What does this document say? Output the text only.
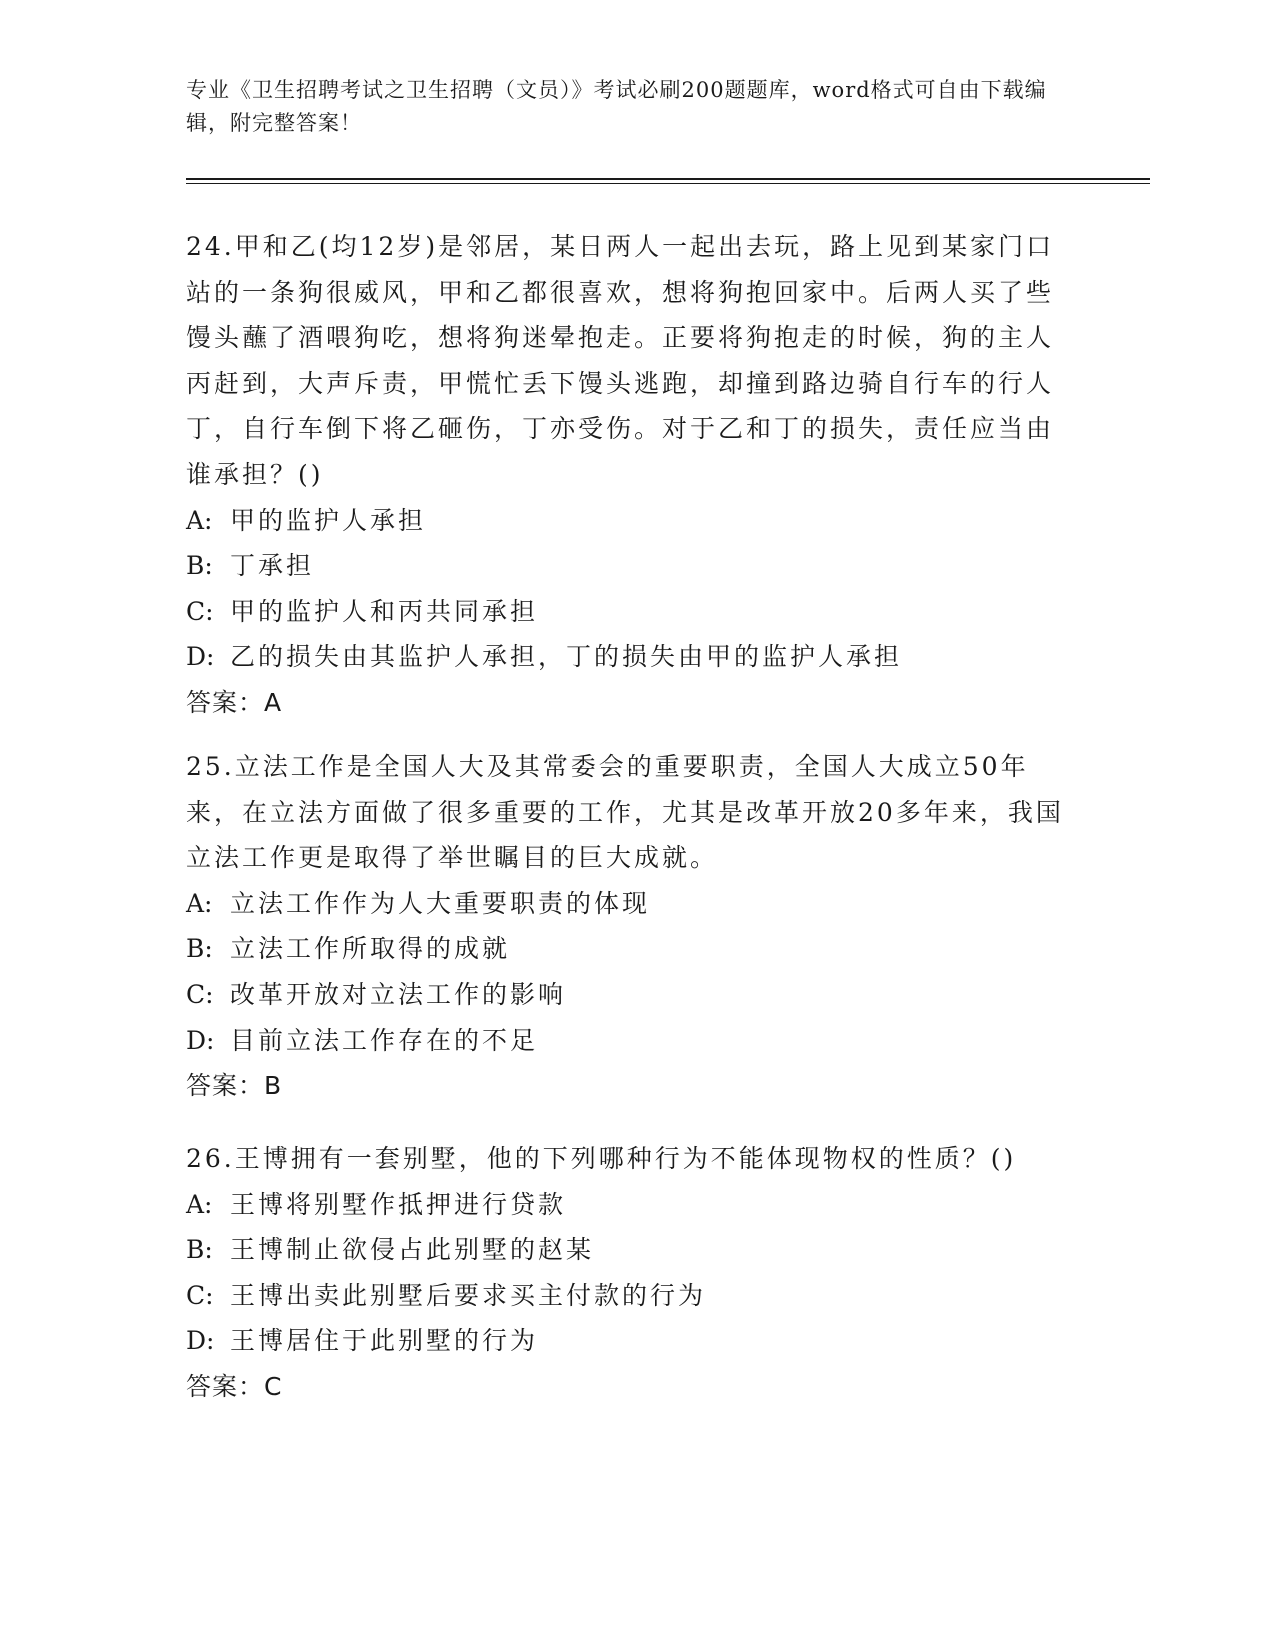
专业《卫生招聘考试之卫生招聘（文员）》考试必刷200题题库，word格式可自由下载编辑，附完整答案！

24.甲和乙(均12岁)是邻居，某日两人一起出去玩，路上见到某家门口站的一条狗很威风，甲和乙都很喜欢，想将狗抱回家中。后两人买了些馒头蘸了酒喂狗吃，想将狗迷晕抱走。正要将狗抱走的时候，狗的主人丙赶到，大声斥责，甲慌忙丢下馒头逃跑，却撞到路边骑自行车的行人丁，自行车倒下将乙砸伤，丁亦受伤。对于乙和丁的损失，责任应当由谁承担？()

A: 甲的监护人承担

B: 丁承担

C: 甲的监护人和丙共同承担

D: 乙的损失由其监护人承担，丁的损失由甲的监护人承担

答案：A

25.立法工作是全国人大及其常委会的重要职责，全国人大成立50年来，在立法方面做了很多重要的工作，尤其是改革开放20多年来，我国立法工作更是取得了举世瞩目的巨大成就。

A: 立法工作作为人大重要职责的体现

B: 立法工作所取得的成就

C: 改革开放对立法工作的影响

D: 目前立法工作存在的不足

答案：B

26.王博拥有一套别墅，他的下列哪种行为不能体现物权的性质？()

A: 王博将别墅作抵押进行贷款

B: 王博制止欲侵占此别墅的赵某

C: 王博出卖此别墅后要求买主付款的行为

D: 王博居住于此别墅的行为

答案：C
